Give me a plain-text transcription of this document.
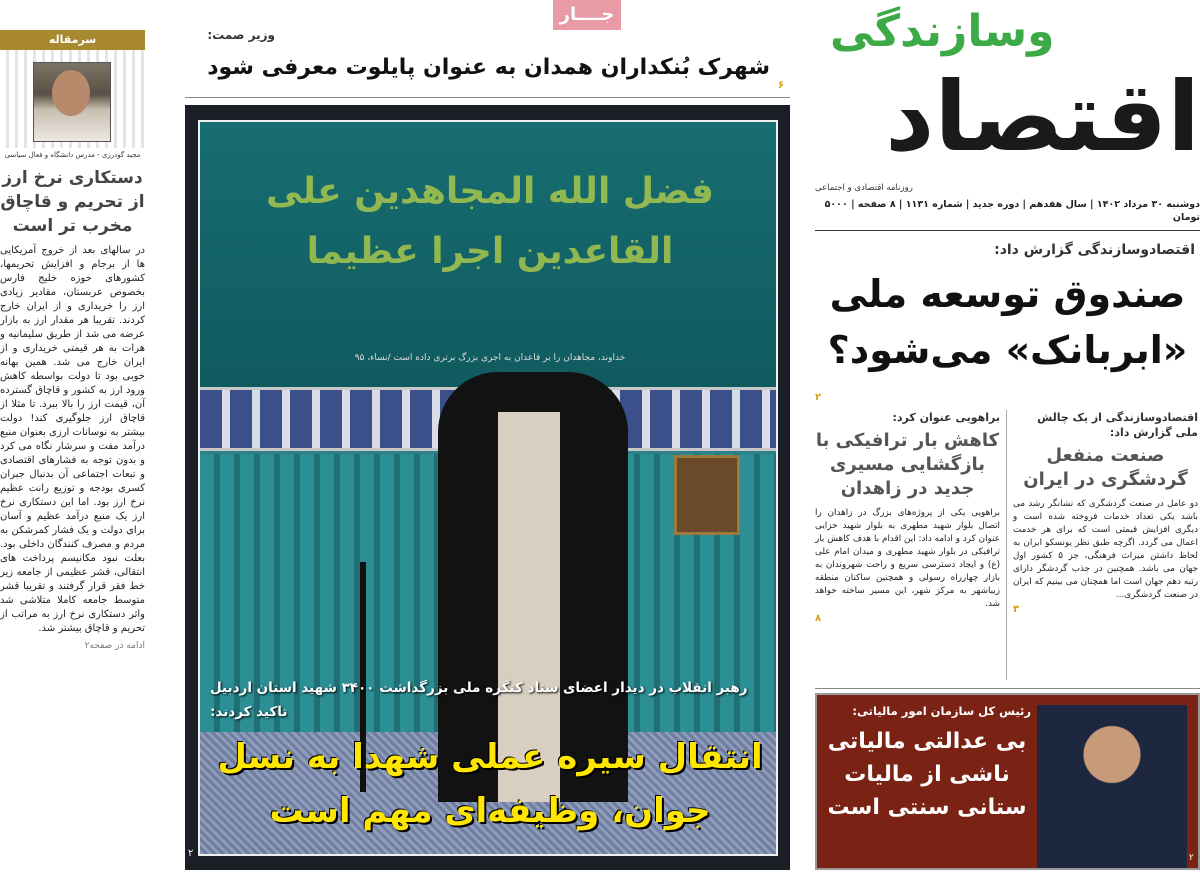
سرمقاله
مجید گودرزی - مدرس دانشگاه و فعال سیاسی
دستکاری نرخ ارز از تحریم و قاچاق مخرب تر است
در سالهای بعد از خروج آمریکایی ها از برجام و افزایش تحریمها، کشورهای حوزه خلیج فارس بخصوص عربستان، مقادیر زیادی ارز را خریداری و از ایران خارج کردند. تقریبا هر مقدار ارز به بازار عرضه می شد از طریق سلیمانیه و هرات به هر قیمتی خریداری و از ایران خارج می شد. همین بهانه خوبی بود تا دولت بواسطه کاهش ورود ارز به کشور و قاچاق گسترده آن، قیمت ارز را بالا ببرد. تا مثلا از قاچاق ارز جلوگیری کند! دولت بیشتر به نوسانات ارزی بعنوان منبع درآمد مفت و سرشار نگاه می کرد و بدون توجه به فشارهای اقتصادی و تبعات اجتماعی آن بدنبال جبران کسری بودجه و توزیع رانت عظیم نرخ ارز بود. اما این دستکاری نرخ ارز یک منبع درآمد عظیم و آسان برای دولت و یک فشار کمرشکن به مردم و مصرف کنندگان داخلی بود. بعلت نبود مکانیسم پرداخت های انتقالی، قشر عظیمی از جامعه زیر خط فقر قرار گرفتند و تقریبا قشر متوسط جامعه کاملا متلاشی شد واثر دستکاری نرخ ارز به مراتب از تحریم و قاچاق بیشتر شد.
ادامه در صفحه۲
جــــار
وزیر صمت:
شهرک بُنکداران همدان به عنوان پایلوت معرفی شود
۶
فضل الله المجاهدين على القاعدين اجرا عظيما
خداوند، مجاهدان را بر قاعدان به اجری بزرگ برتری داده است /نساء، ۹۵
رهبر انقلاب در دیدار اعضای ستاد کنگره ملی بزرگداشت ۳۴۰۰ شهید استان اردبیل تاکید کردند:
انتقال سیره عملی شهدا به نسل جوان، وظیفه‌ای مهم است
۲
وسازندگی
اقتصاد
روزنامه اقتصادی و اجتماعی
دوشنبه ۳۰ مرداد ۱۴۰۲ | سال هفدهم | دوره جدید | شماره ۱۱۳۱ | ۸ صفحه | ۵۰۰۰ تومان
اقتصادوسازندگی گزارش داد:
صندوق توسعه ملی «ابربانک» می‌شود؟
۲
اقتصادوسازندگی از یک چالش ملی گزارش داد:
صنعت منفعل گردشگری در ایران
دو عامل در صنعت گردشگری که نشانگر رشد می باشد یکی تعداد خدمات فروخته شده است و دیگری افزایش قیمتی است که برای هر خدمت اعمال می گردد. اگرچه طبق نظر یونسکو ایران به لحاظ داشتن میراث فرهنگی، جز ۵ کشور اول جهان می باشد. همچنین در جذب گردشگر دارای رتبه دهم جهان است اما همچنان می بینیم که ایران در صنعت گردشگری...
۳
براهویی عنوان کرد:
کاهش بار ترافیکی با بازگشایی مسیری جدید در زاهدان
براهویی یکی از پروژه‌های بزرگ در زاهدان را اتصال بلوار شهید مطهری به بلوار شهید خزایی عنوان کرد و ادامه داد: این اقدام با هدف کاهش بار ترافیکی در بلوار شهید مطهری و میدان امام علی (ع) و ایجاد دسترسی سریع و راحت شهروندان به بازار چهارراه رسولی و همچنین ساکنان منطقه زیباشهر به مرکز شهر، این مسیر ساخته خواهد شد.
۸
رئیس کل سازمان امور مالیاتی:
بی عدالتی مالیاتی ناشی از مالیات ستانی سنتی است
۲
